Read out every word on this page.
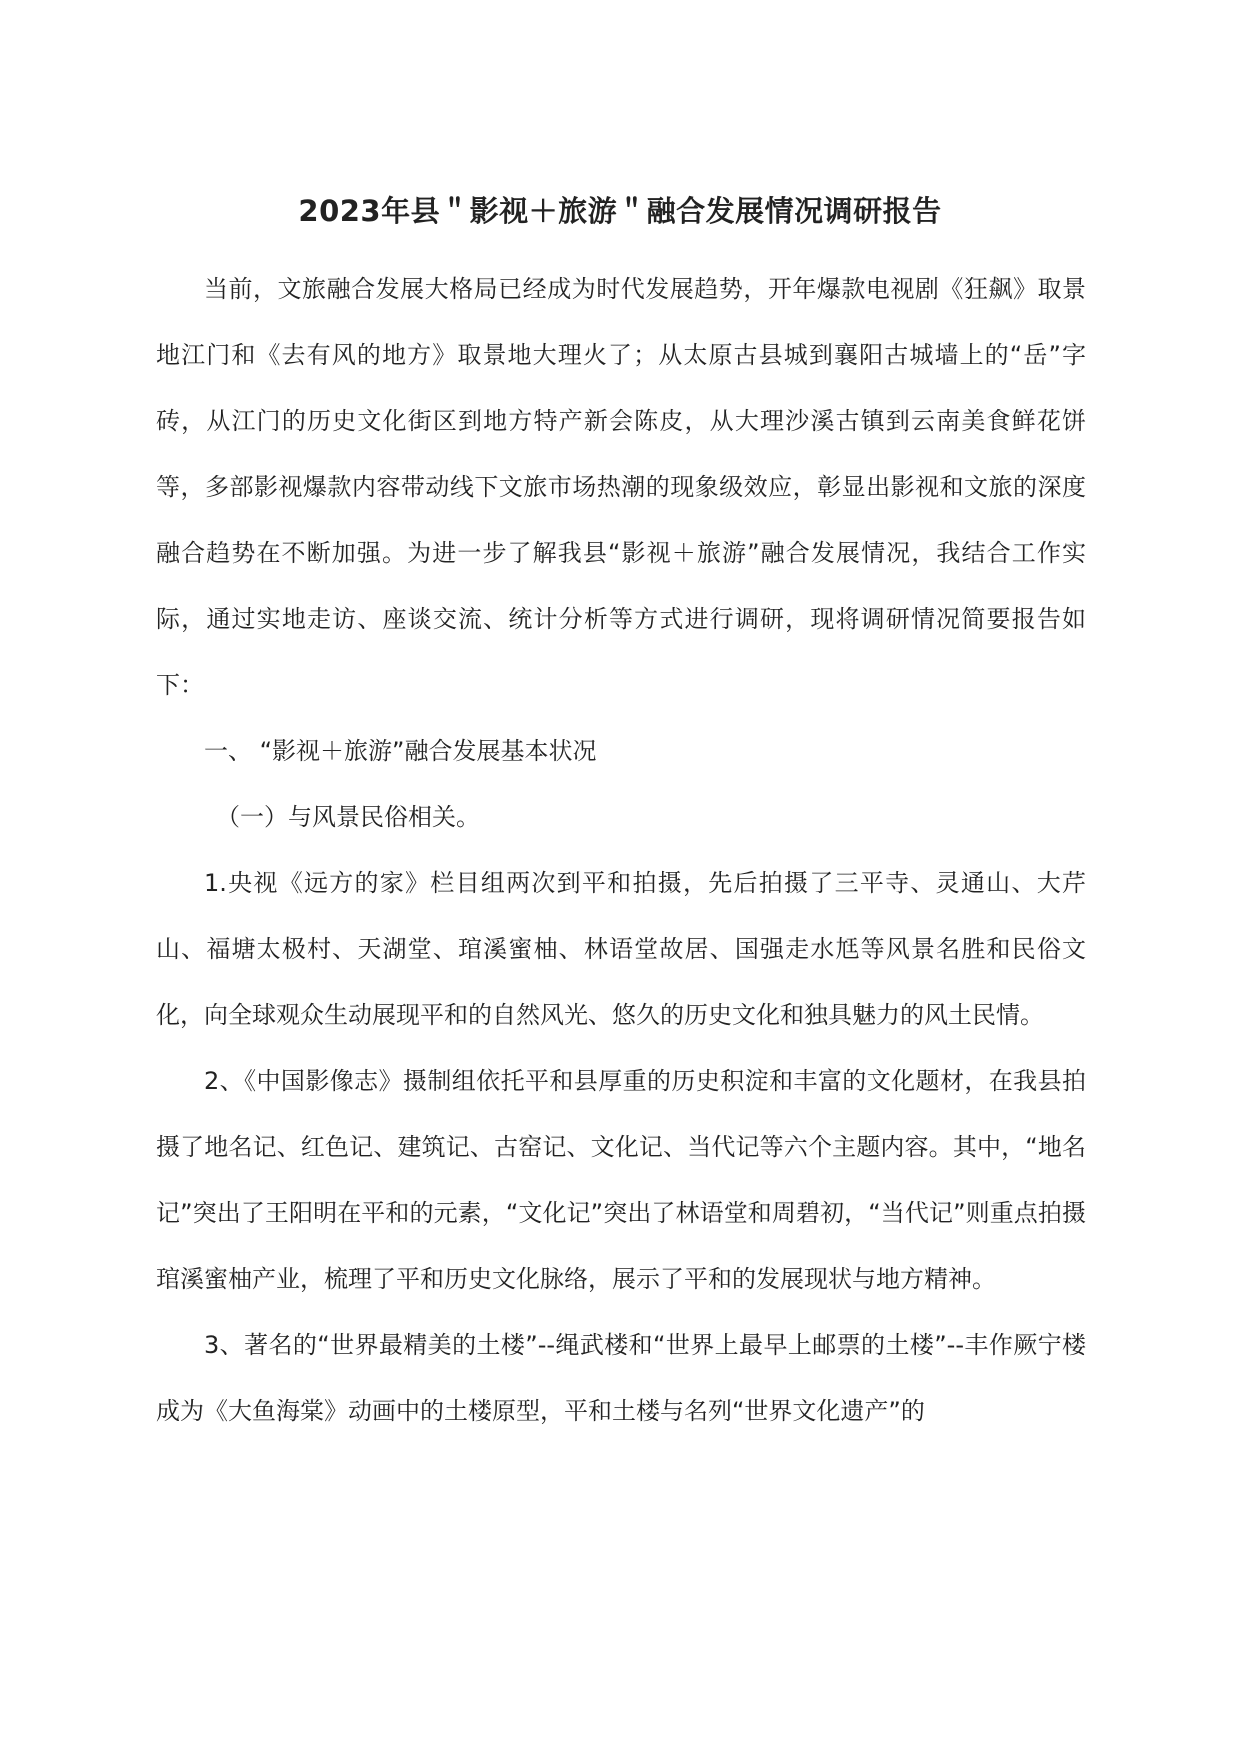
2023年县＂影视＋旅游＂融合发展情况调研报告

当前，文旅融合发展大格局已经成为时代发展趋势，开年爆款电视剧《狂飙》取景地江门和《去有风的地方》取景地大理火了；从太原古县城到襄阳古城墙上的“岳”字砖，从江门的历史文化街区到地方特产新会陈皮，从大理沙溪古镇到云南美食鲜花饼等，多部影视爆款内容带动线下文旅市场热潮的现象级效应，彰显出影视和文旅的深度融合趋势在不断加强。为进一步了解我县“影视＋旅游”融合发展情况，我结合工作实际，通过实地走访、座谈交流、统计分析等方式进行调研，现将调研情况简要报告如下：

一、 “影视＋旅游”融合发展基本状况

（一）与风景民俗相关。

1.央视《远方的家》栏目组两次到平和拍摄，先后拍摄了三平寺、灵通山、大芹山、福塘太极村、天湖堂、琯溪蜜柚、林语堂故居、国强走水尪等风景名胜和民俗文化，向全球观众生动展现平和的自然风光、悠久的历史文化和独具魅力的风土民情。

2、《中国影像志》摄制组依托平和县厚重的历史积淀和丰富的文化题材，在我县拍摄了地名记、红色记、建筑记、古窑记、文化记、当代记等六个主题内容。其中，“地名记”突出了王阳明在平和的元素，“文化记”突出了林语堂和周碧初，“当代记”则重点拍摄琯溪蜜柚产业，梳理了平和历史文化脉络，展示了平和的发展现状与地方精神。

3、著名的“世界最精美的土楼”--绳武楼和“世界上最早上邮票的土楼”--丰作厥宁楼成为《大鱼海棠》动画中的土楼原型，平和土楼与名列“世界文化遗产”的
